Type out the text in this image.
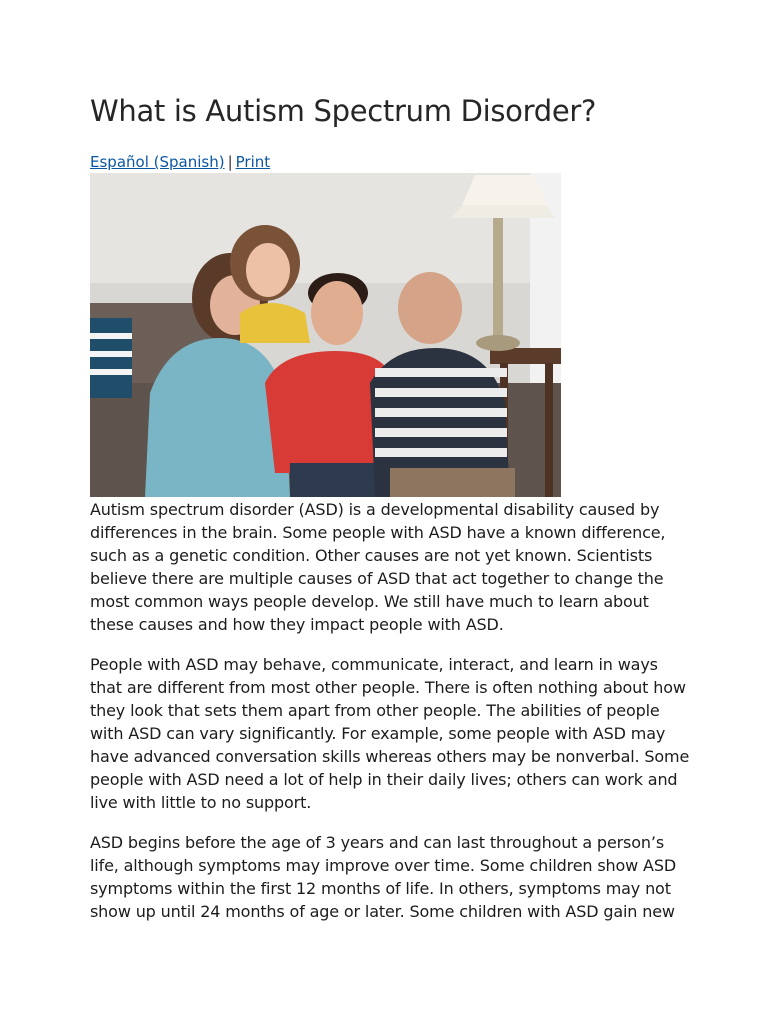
What is Autism Spectrum Disorder?
Español (Spanish) | Print

Autism spectrum disorder (ASD) is a developmental disability caused by differences in the brain. Some people with ASD have a known difference, such as a genetic condition. Other causes are not yet known. Scientists believe there are multiple causes of ASD that act together to change the most common ways people develop. We still have much to learn about these causes and how they impact people with ASD.

People with ASD may behave, communicate, interact, and learn in ways that are different from most other people. There is often nothing about how they look that sets them apart from other people. The abilities of people with ASD can vary significantly. For example, some people with ASD may have advanced conversation skills whereas others may be nonverbal. Some people with ASD need a lot of help in their daily lives; others can work and live with little to no support.

ASD begins before the age of 3 years and can last throughout a person’s life, although symptoms may improve over time. Some children show ASD symptoms within the first 12 months of life. In others, symptoms may not show up until 24 months of age or later. Some children with ASD gain new
